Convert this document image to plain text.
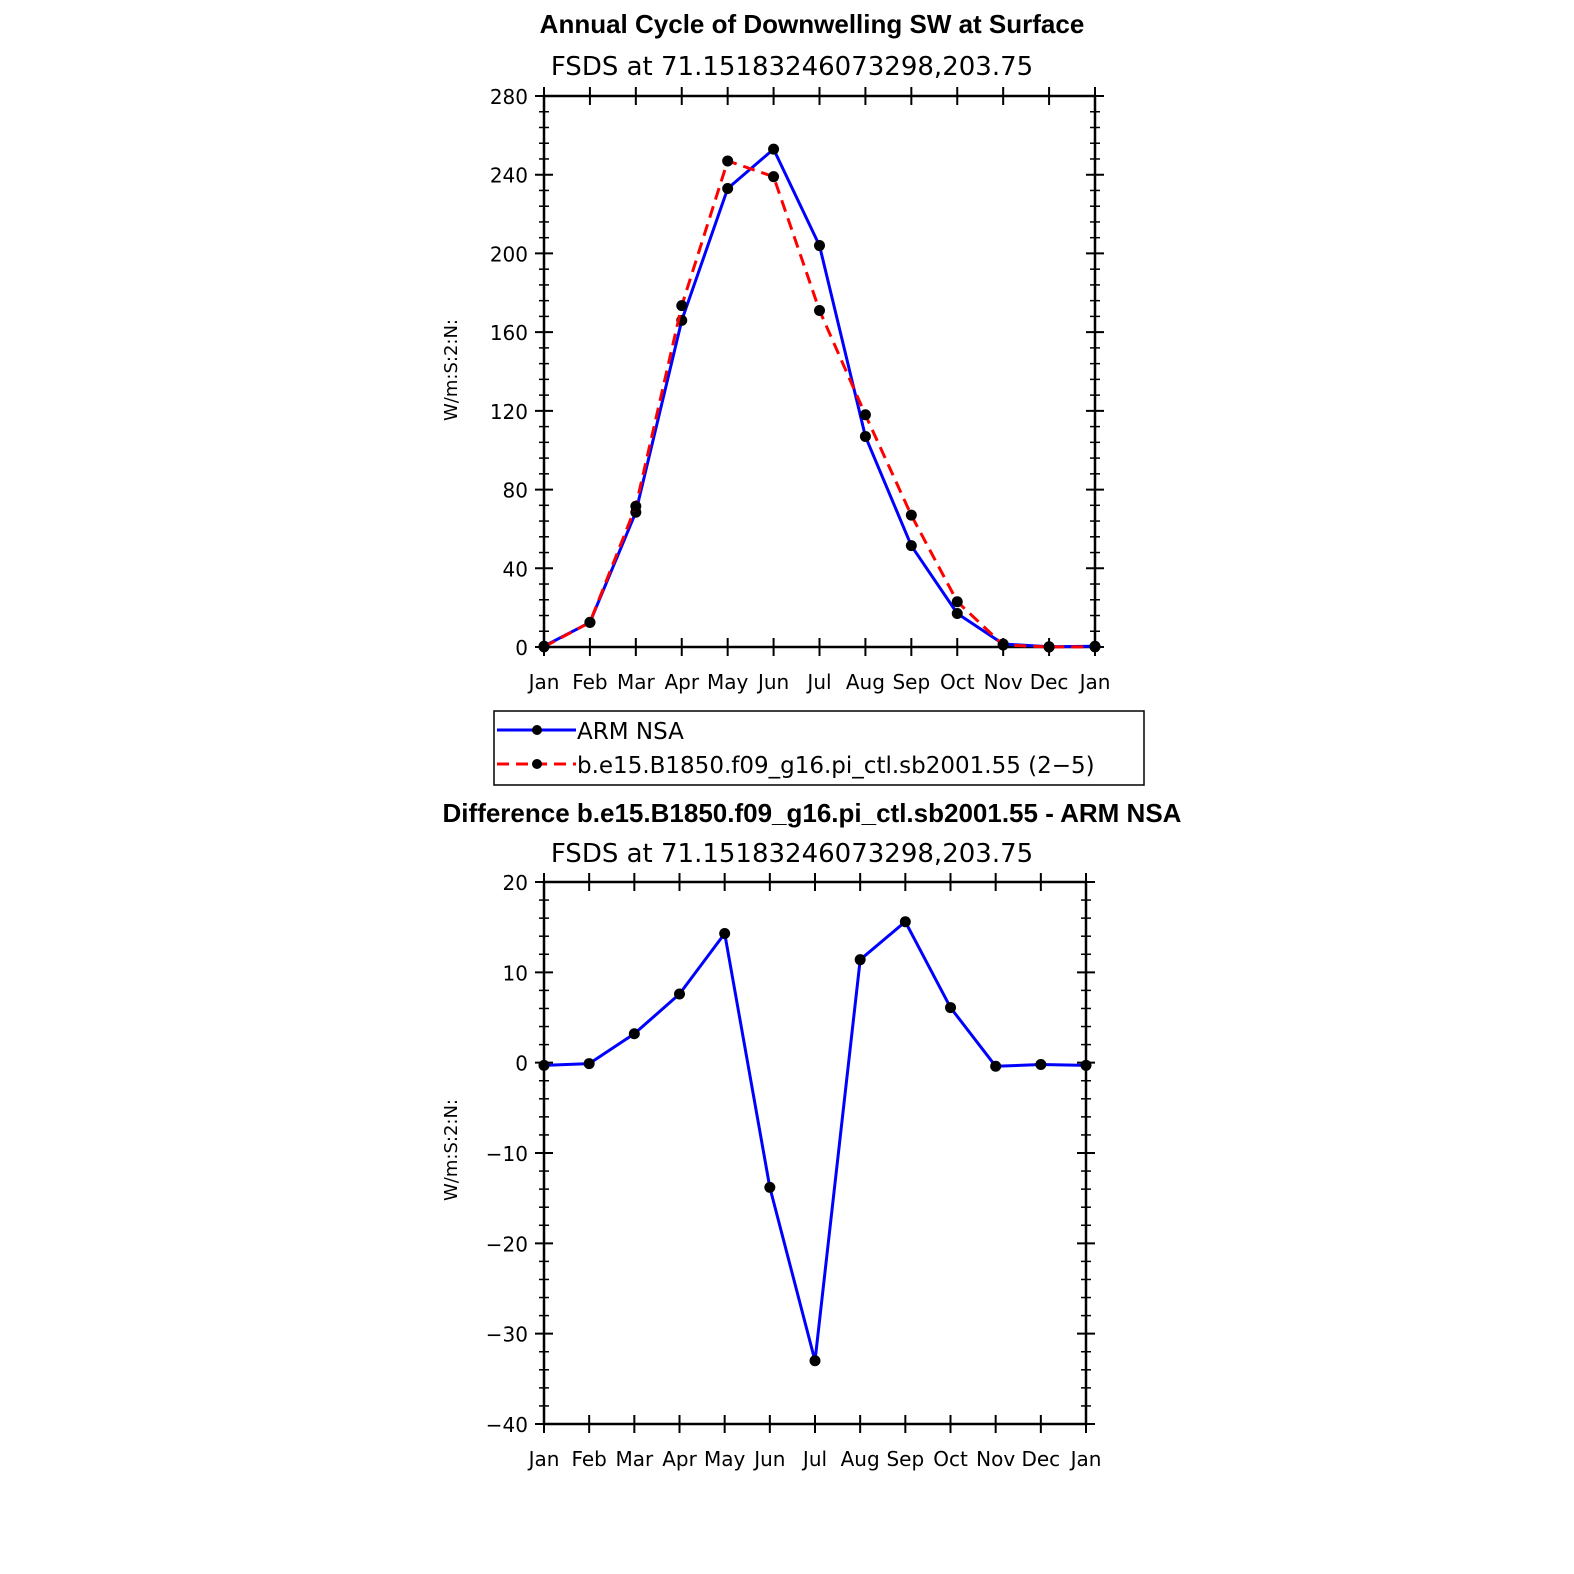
Annual Cycle of Downwelling SW at Surface
FSDS at 71.15183246073298,203.75
W/m:S:2:N:
0
40
80
120
160
200
240
280
Jan Feb Mar Apr May Jun Jul Aug Sep Oct Nov Dec Jan
ARM NSA
b.e15.B1850.f09_g16.pi_ctl.sb2001.55 (2−5)
Difference b.e15.B1850.f09_g16.pi_ctl.sb2001.55 - ARM NSA
FSDS at 71.15183246073298,203.75
W/m:S:2:N:
−40
−30
−20
−10
0
10
20
Jan Feb Mar Apr May Jun Jul Aug Sep Oct Nov Dec Jan
